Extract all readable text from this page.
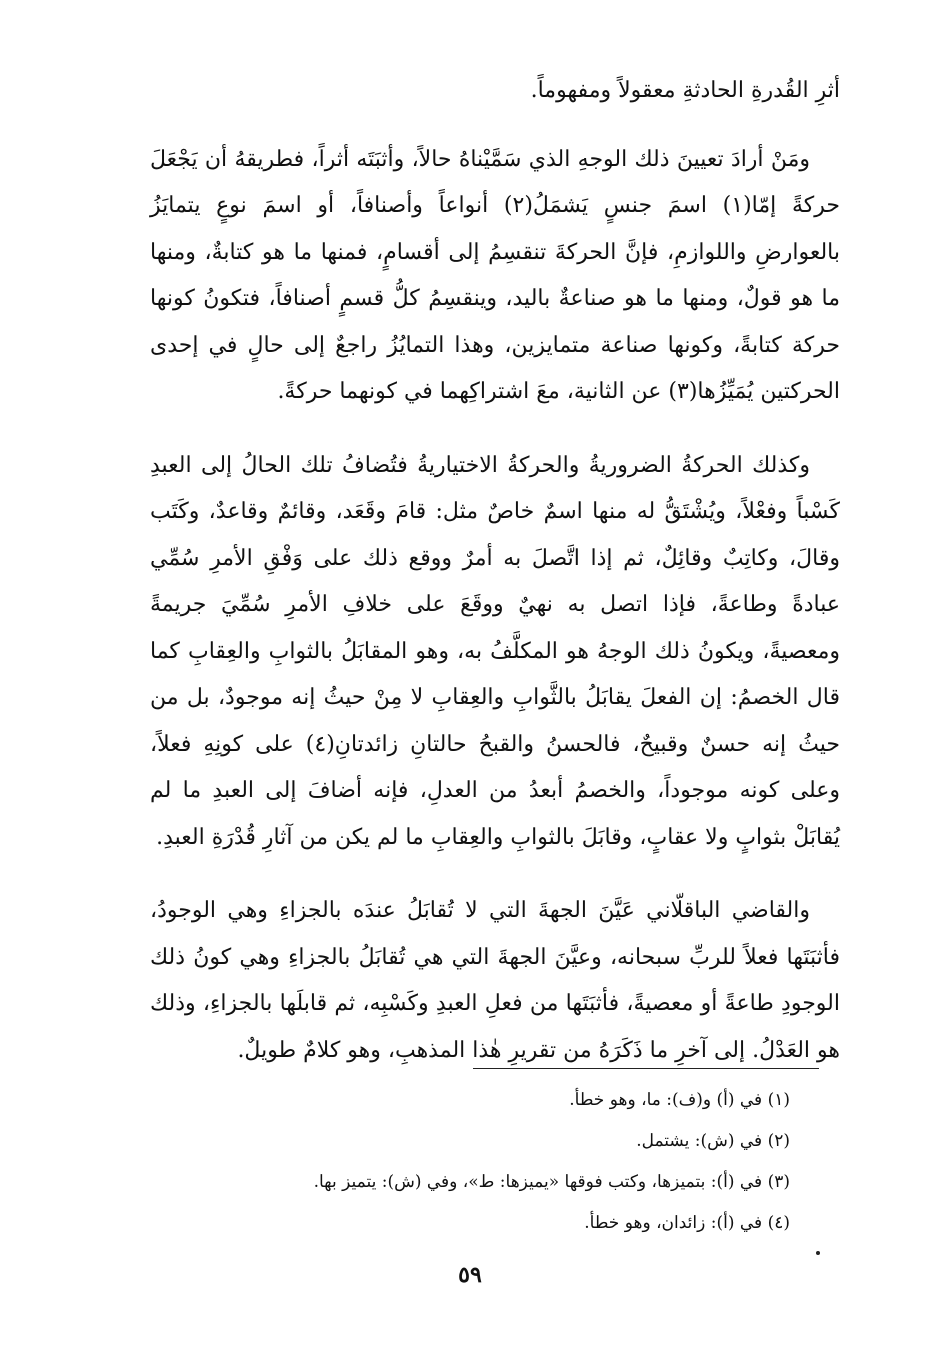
أثرِ القُدرةِ الحادثةِ معقولاً ومفهوماً.

ومَنْ أرادَ تعيينَ ذلك الوجهِ الذي سَمَّيْناهُ حالاً، وأثبَتَه أثراً، فطريقهُ أن يَجْعَلَ حركةً إمّا(١) اسمَ جنسٍ يَشمَلُ(٢) أنواعاً وأصنافاً، أو اسمَ نوعٍ يتمايَزُ بالعوارضِ واللوازمِ، فإنَّ الحركةَ تنقسِمُ إلى أقسامٍ، فمنها ما هو كتابةٌ، ومنها ما هو قولٌ، ومنها ما هو صناعةٌ باليد، وينقسِمُ كلُّ قسمٍ أصنافاً، فتكونُ كونها حركة كتابةً، وكونها صناعة متمايزين، وهذا التمايُزُ راجعٌ إلى حالٍ في إحدى الحركتين يُمَيِّزُها(٣) عن الثانية، معَ اشتراكِهما في كونهما حركةً.

وكذلك الحركةُ الضروريةُ والحركةُ الاختياريةُ فتُضافُ تلك الحالُ إلى العبدِ كَسْباً وفعْلاً، ويُشْتَقُّ له منها اسمٌ خاصٌ مثل: قامَ وقَعَد، وقائمٌ وقاعدٌ، وكَتَب وقالَ، وكاتِبٌ وقائِلٌ، ثم إذا اتَّصلَ به أمرٌ ووقع ذلك على وَفْقِ الأمرِ سُمِّي عبادةً وطاعةً، فإذا اتصل به نهيٌ ووقَعَ على خلافِ الأمرِ سُمِّيَ جريمةً ومعصيةً، ويكونُ ذلك الوجهُ هو المكلَّفُ به، وهو المقابَلُ بالثوابِ والعِقابِ كما قال الخصمُ: إن الفعلَ يقابَلُ بالثَّوابِ والعِقابِ لا مِنْ حيثُ إنه موجودٌ، بل من حيثُ إنه حسنٌ وقبيحٌ، فالحسنُ والقبحُ حالتانِ زائدتانِ(٤) على كونِهِ فعلاً، وعلى كونه موجوداً، والخصمُ أبعدُ من العدلِ، فإنه أضافَ إلى العبدِ ما لم يُقابَلْ بثوابٍ ولا عقابٍ، وقابَلَ بالثوابِ والعِقابِ ما لم يكن من آثارِ قُدْرَةِ العبدِ.

والقاضي الباقلّاني عَيَّنَ الجهةَ التي لا تُقابَلُ عندَه بالجزاءِ وهي الوجودُ، فأثبَتَها فعلاً للربِّ سبحانه، وعيَّنَ الجهةَ التي هي تُقابَلُ بالجزاءِ وهي كونُ ذلك الوجودِ طاعةً أو معصيةً، فأثبَتَها من فعلِ العبدِ وكَسْبِه، ثم قابلَها بالجزاءِ، وذلك هو العَدْلُ. إلى آخرِ ما ذَكَرَهُ من تقريرِ هٰذا المذهبِ، وهو كلامٌ طويلٌ.

(١) في (أ) و(ف): ما، وهو خطأ.

(٢) في (ش): يشتمل.

(٣) في (أ): بتميزها، وكتب فوقها «يميزها: ط»، وفي (ش): يتميز بها.

(٤) في (أ): زائدان، وهو خطأ.

٥٩
